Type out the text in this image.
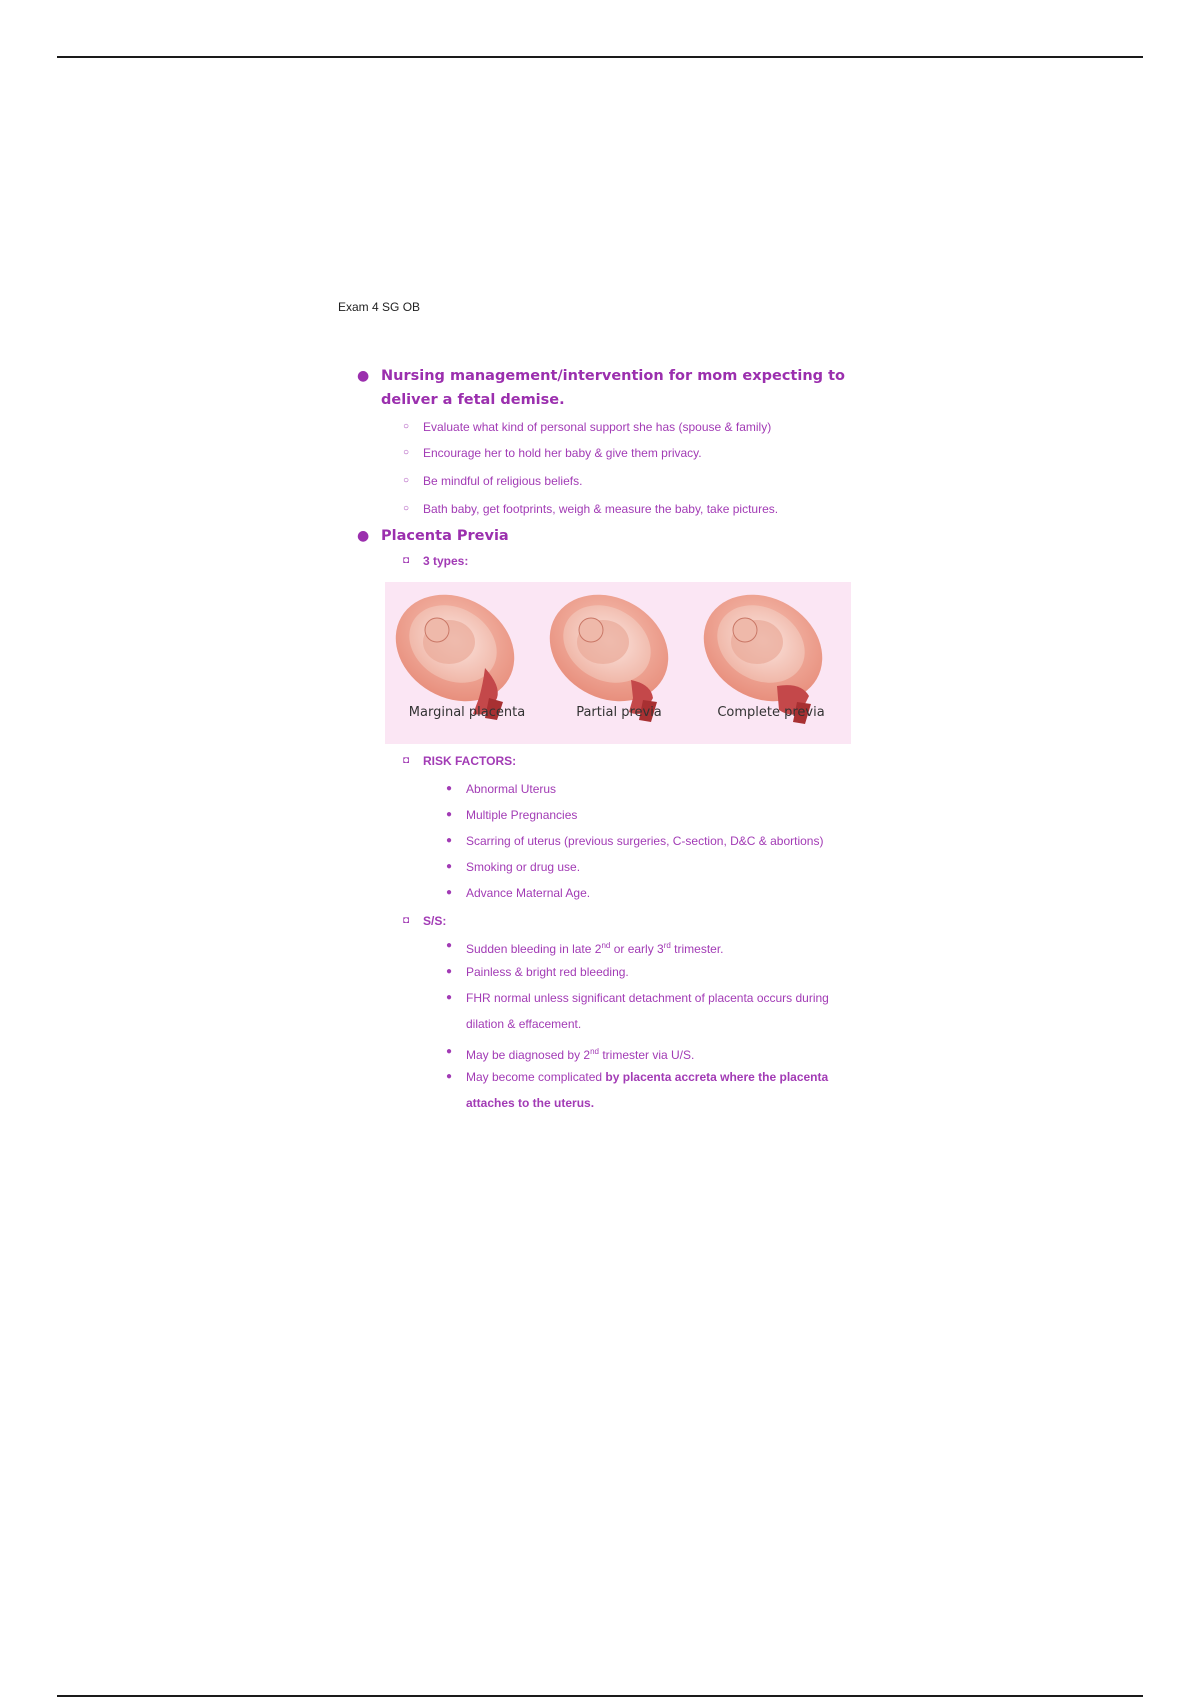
Exam 4 SG OB
● Nursing management/intervention for mom expecting to deliver a fetal demise.
○ Evaluate what kind of personal support she has (spouse & family)
○ Encourage her to hold her baby & give them privacy.
○ Be mindful of religious beliefs.
○ Bath baby, get footprints, weigh & measure the baby, take pictures.
● Placenta Previa
◘ 3 types:
Marginal placenta	Partial previa	Complete previa
◘ RISK FACTORS:
● Abnormal Uterus
● Multiple Pregnancies
● Scarring of uterus (previous surgeries, C-section, D&C & abortions)
● Smoking or drug use.
● Advance Maternal Age.
◘ S/S:
● Sudden bleeding in late 2nd or early 3rd trimester.
● Painless & bright red bleeding.
● FHR normal unless significant detachment of placenta occurs during dilation & effacement.
● May be diagnosed by 2nd trimester via U/S.
● May become complicated by placenta accreta where the placenta attaches to the uterus.
